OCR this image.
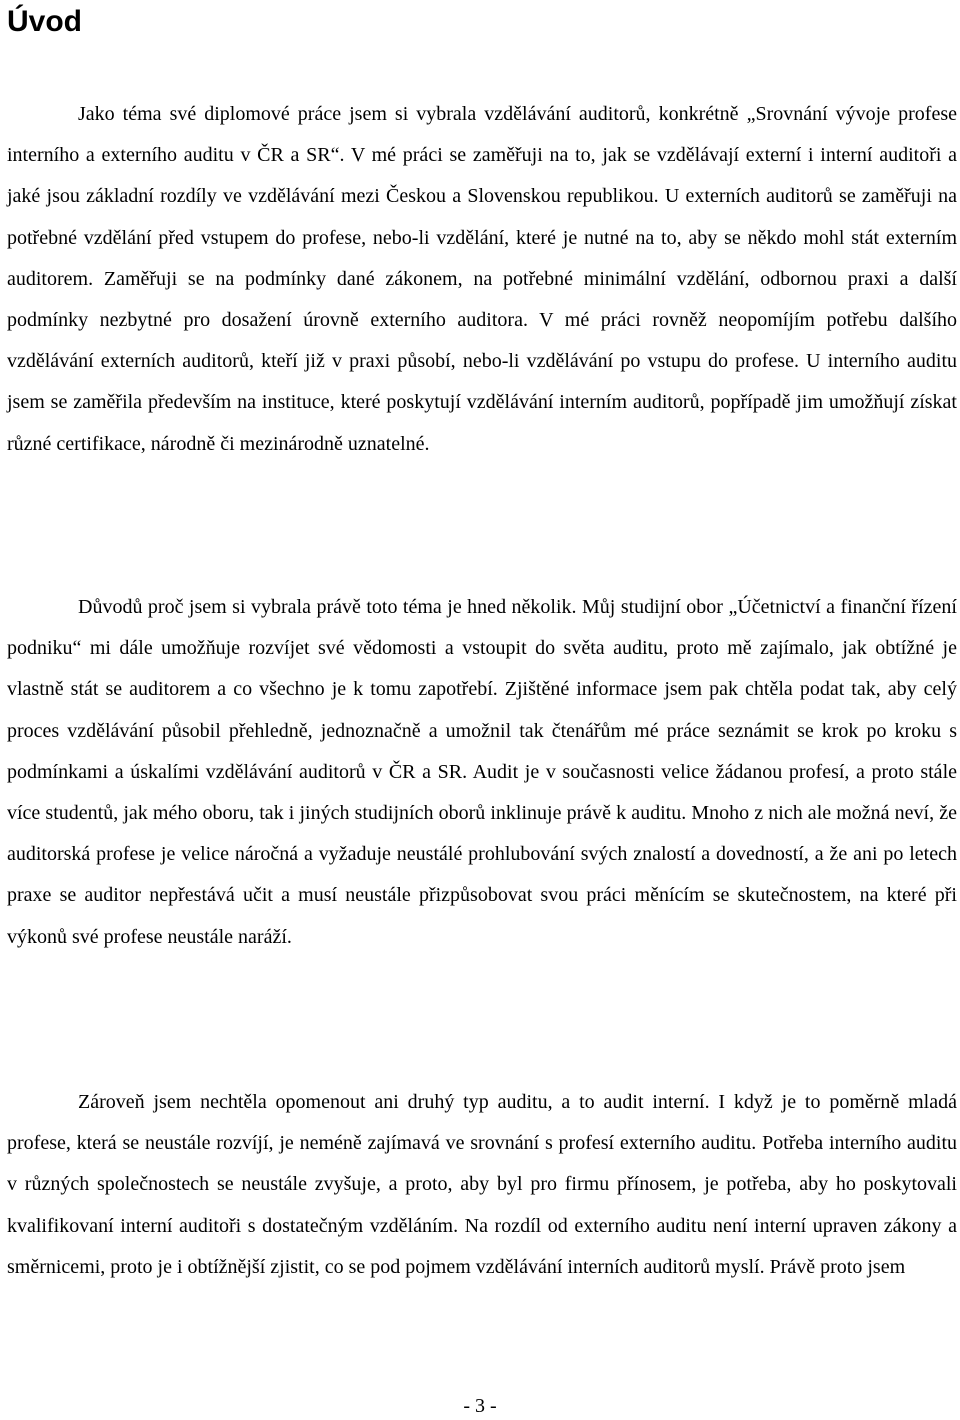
Úvod

Jako téma své diplomové práce jsem si vybrala vzdělávání auditorů, konkrétně „Srovnání vývoje profese interního a externího auditu v ČR a SR“. V mé práci se zaměřuji na to, jak se vzdělávají externí i interní auditoři a jaké jsou základní rozdíly ve vzdělávání mezi Českou a Slovenskou republikou. U externích auditorů se zaměřuji na potřebné vzdělání před vstupem do profese, nebo-li vzdělání, které je nutné na to, aby se někdo mohl stát externím auditorem. Zaměřuji se na podmínky dané zákonem, na potřebné minimální vzdělání, odbornou praxi a další podmínky nezbytné pro dosažení úrovně externího auditora. V mé práci rovněž neopomíjím potřebu dalšího vzdělávání externích auditorů, kteří již v praxi působí, nebo-li vzdělávání po vstupu do profese. U interního auditu jsem se zaměřila především na instituce, které poskytují vzdělávání interním auditorů, popřípadě jim umožňují získat různé certifikace, národně či mezinárodně uznatelné.

Důvodů proč jsem si vybrala právě toto téma je hned několik. Můj studijní obor „Účetnictví a finanční řízení podniku“ mi dále umožňuje rozvíjet své vědomosti a vstoupit do světa auditu, proto mě zajímalo, jak obtížné je vlastně stát se auditorem a co všechno je k tomu zapotřebí. Zjištěné informace jsem pak chtěla podat tak, aby celý proces vzdělávání působil přehledně, jednoznačně a umožnil tak čtenářům mé práce seznámit se krok po kroku s podmínkami a úskalími vzdělávání auditorů v ČR a SR. Audit je v současnosti velice žádanou profesí, a proto stále více studentů, jak mého oboru, tak i jiných studijních oborů inklinuje právě k auditu. Mnoho z nich ale možná neví, že auditorská profese je velice náročná a vyžaduje neustálé prohlubování svých znalostí a dovedností, a že ani po letech praxe se auditor nepřestává učit a musí neustále přizpůsobovat svou práci měnícím se skutečnostem, na které při výkonů své profese neustále naráží.

Zároveň jsem nechtěla opomenout ani druhý typ auditu, a to audit interní. I když je to poměrně mladá profese, která se neustále rozvíjí, je neméně zajímavá ve srovnání s profesí externího auditu. Potřeba interního auditu v různých společnostech se neustále zvyšuje, a proto, aby byl pro firmu přínosem, je potřeba, aby ho poskytovali kvalifikovaní interní auditoři s dostatečným vzděláním. Na rozdíl od externího auditu není interní upraven zákony a směrnicemi, proto je i obtížnější zjistit, co se pod pojmem vzdělávání interních auditorů myslí. Právě proto jsem

- 3 -
